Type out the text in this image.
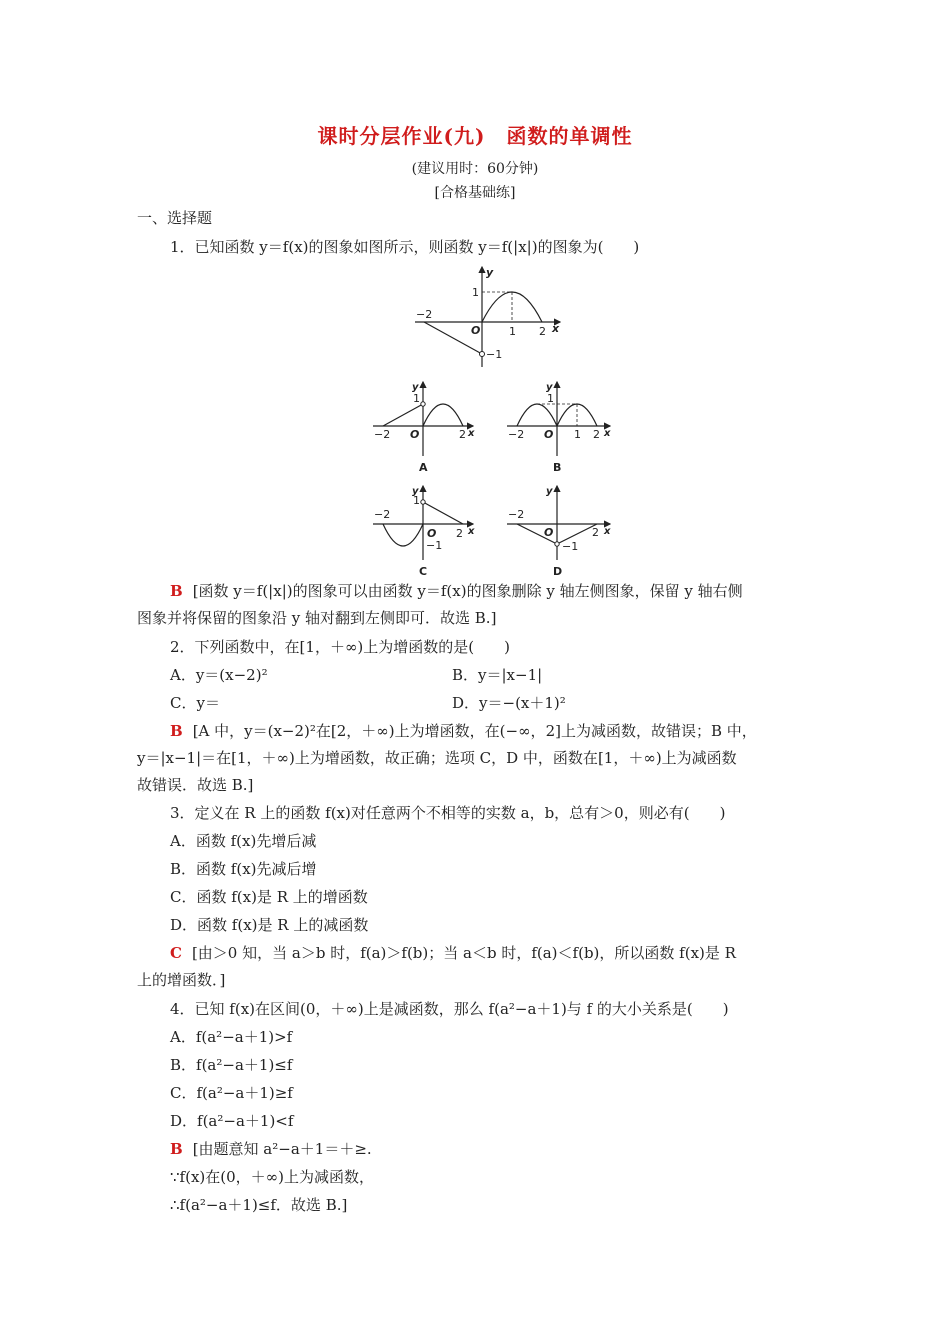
课时分层作业(九)　函数的单调性
(建议用时：60分钟)
[合格基础练]
一、选择题
1．已知函数 y＝f(x)的图象如图所示，则函数 y＝f(|x|)的图象为(　　)
−2
O	1 2
1
−1
x
y
−2 O	2
1
x
y
A
−2 O 1 2
1
x
y
B
−2
O 2
1
−1
x
y
C
−2
O	2
−1
x
y
D
B [函数 y＝f(|x|)的图象可以由函数 y＝f(x)的图象删除 y 轴左侧图象，保留 y 轴右侧
图象并将保留的图象沿 y 轴对翻到左侧即可．故选 B.]
2．下列函数中，在[1，＋∞)上为增函数的是(　　)
A．y＝(x−2)²	B．y＝|x−1|
C．y＝	D．y＝−(x＋1)²
B [A 中，y＝(x−2)²在[2，＋∞)上为增函数，在(−∞，2]上为减函数，故错误；B 中，
y＝|x−1|＝在[1，＋∞)上为增函数，故正确；选项 C，D 中，函数在[1，＋∞)上为减函数
故错误．故选 B.]
3．定义在 R 上的函数 f(x)对任意两个不相等的实数 a，b，总有＞0，则必有(　　)
A．函数 f(x)先增后减
B．函数 f(x)先减后增
C．函数 f(x)是 R 上的增函数
D．函数 f(x)是 R 上的减函数
C [由＞0 知，当 a＞b 时，f(a)＞f(b)；当 a＜b 时，f(a)＜f(b)，所以函数 f(x)是 R
上的增函数．]
4．已知 f(x)在区间(0，＋∞)上是减函数，那么 f(a²−a＋1)与 f 的大小关系是(　　)
A．f(a²−a＋1)>f
B．f(a²−a＋1)≤f
C．f(a²−a＋1)≥f
D．f(a²−a＋1)<f
B [由题意知 a²−a＋1＝＋≥.
∵f(x)在(0，＋∞)上为减函数，
∴f(a²−a＋1)≤f．故选 B.]
